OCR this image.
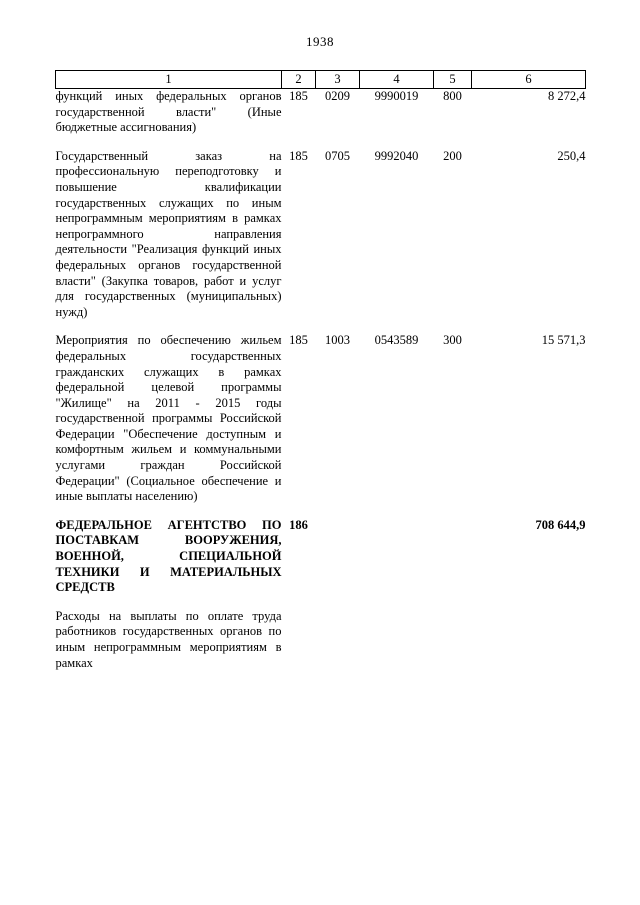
1938
1	2	3	4	5	6
функций иных федеральных органов государственной власти" (Иные бюджетные ассигнования)	185	0209	9990019	800	8 272,4

Государственный заказ на профессиональную переподготовку и повышение квалификации государственных служащих по иным непрограммным мероприятиям в рамках непрограммного направления деятельности "Реализация функций иных федеральных органов государственной власти" (Закупка товаров, работ и услуг для государственных (муниципальных) нужд)	185	0705	9992040	200	250,4

Мероприятия по обеспечению жильем федеральных государственных гражданских служащих в рамках федеральной целевой программы "Жилище" на 2011 - 2015 годы государственной программы Российской Федерации "Обеспечение доступным и комфортным жильем и коммунальными услугами граждан Российской Федерации" (Социальное обеспечение и иные выплаты населению)	185	1003	0543589	300	15 571,3

ФЕДЕРАЛЬНОЕ АГЕНТСТВО ПО ПОСТАВКАМ ВООРУЖЕНИЯ, ВОЕННОЙ, СПЕЦИАЛЬНОЙ ТЕХНИКИ И МАТЕРИАЛЬНЫХ СРЕДСТВ	186				708 644,9

Расходы на выплаты по оплате труда работников государственных органов по иным непрограммным мероприятиям в рамках					
